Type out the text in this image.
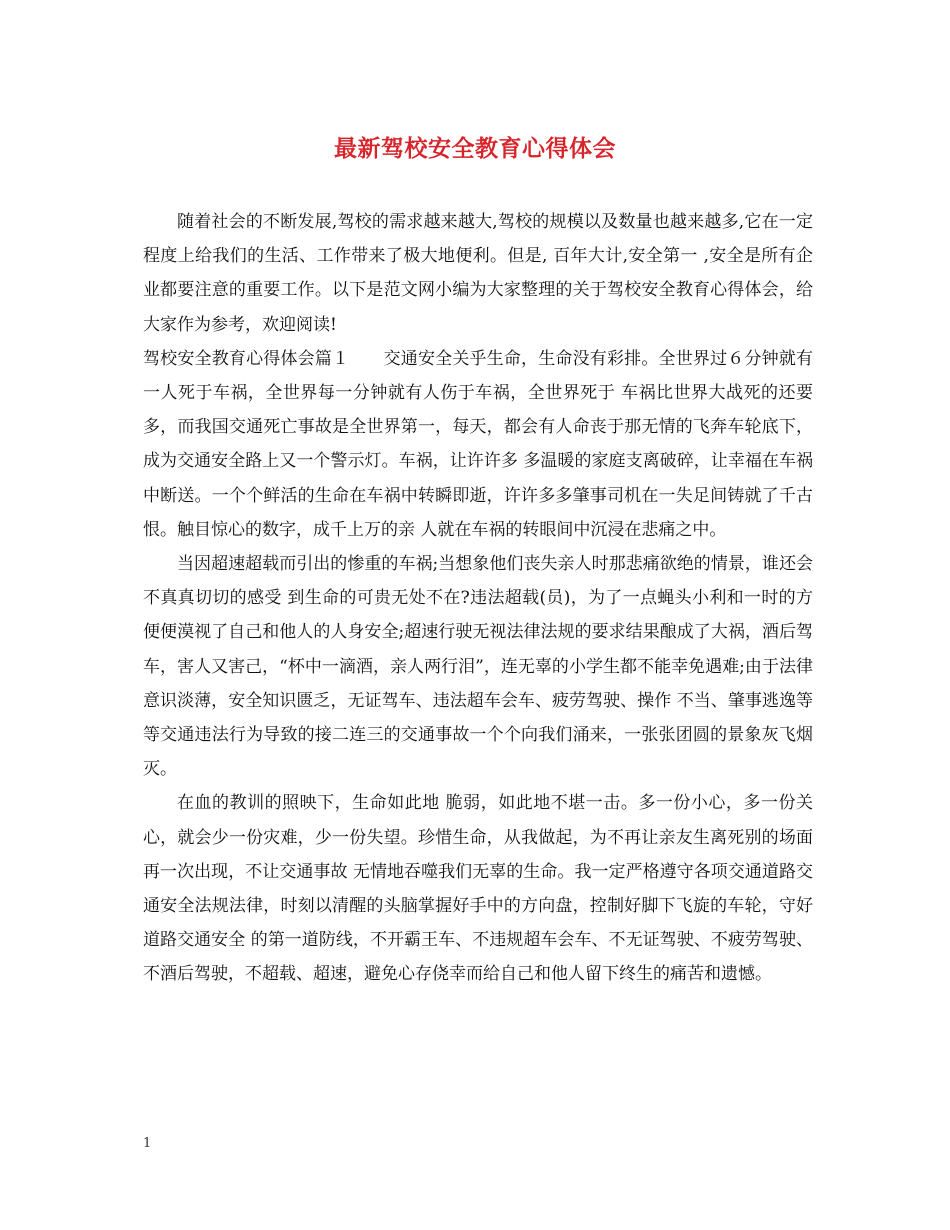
最新驾校安全教育心得体会

随着社会的不断发展,驾校的需求越来越大,驾校的规模以及数量也越来越多,它在一定程度上给我们的生活、工作带来了极大地便利。但是, 百年大计,安全第一 ,安全是所有企业都要注意的重要工作。以下是范文网小编为大家整理的关于驾校安全教育心得体会，给大家作为参考，欢迎阅读!

驾校安全教育心得体会篇１　　交通安全关乎生命，生命没有彩排。全世界过６分钟就有一人死于车祸，全世界每一分钟就有人伤于车祸，全世界死于 车祸比世界大战死的还要多，而我国交通死亡事故是全世界第一，每天，都会有人命丧于那无情的飞奔车轮底下，成为交通安全路上又一个警示灯。车祸，让许许多 多温暖的家庭支离破碎，让幸福在车祸中断送。一个个鲜活的生命在车祸中转瞬即逝，许许多多肇事司机在一失足间铸就了千古恨。触目惊心的数字，成千上万的亲 人就在车祸的转眼间中沉浸在悲痛之中。

当因超速超载而引出的惨重的车祸;当想象他们丧失亲人时那悲痛欲绝的情景，谁还会不真真切切的感受 到生命的可贵无处不在?违法超载(员)，为了一点蝇头小利和一时的方便便漠视了自己和他人的人身安全;超速行驶无视法律法规的要求结果酿成了大祸，酒后驾 车，害人又害己，“杯中一滴酒，亲人两行泪”，连无辜的小学生都不能幸免遇难;由于法律意识淡薄，安全知识匮乏，无证驾车、违法超车会车、疲劳驾驶、操作 不当、肇事逃逸等等交通违法行为导致的接二连三的交通事故一个个向我们涌来，一张张团圆的景象灰飞烟灭。

在血的教训的照映下，生命如此地 脆弱，如此地不堪一击。多一份小心，多一份关心，就会少一份灾难，少一份失望。珍惜生命，从我做起，为不再让亲友生离死别的场面再一次出现，不让交通事故 无情地吞噬我们无辜的生命。我一定严格遵守各项交通道路交通安全法规法律，时刻以清醒的头脑掌握好手中的方向盘，控制好脚下飞旋的车轮，守好道路交通安全 的第一道防线，不开霸王车、不违规超车会车、不无证驾驶、不疲劳驾驶、不酒后驾驶，不超载、超速，避免心存侥幸而给自己和他人留下终生的痛苦和遗憾。

1
